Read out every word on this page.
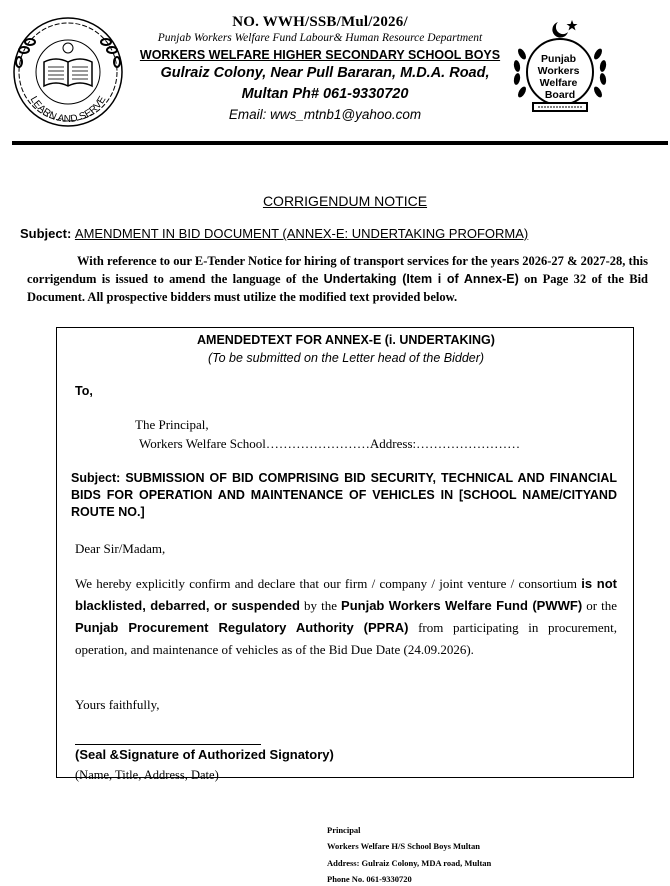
LEARN AND SERVE
NO. WWH/SSB/Mul/2026/
Punjab Workers Welfare Fund Labour& Human Resource Department
WORKERS WELFARE HIGHER SECONDARY SCHOOL BOYS
Gulraiz Colony, Near Pull Bararan, M.D.A. Road,
Multan Ph# 061-9330720
Email: wws_mtnb1@yahoo.com
Punjab Workers Welfare Board
CORRIGENDUM NOTICE
Subject: AMENDMENT IN BID DOCUMENT (ANNEX-E: UNDERTAKING PROFORMA)
With reference to our E-Tender Notice for hiring of transport services for the years 2026-27 & 2027-28, this corrigendum is issued to amend the language of the Undertaking (Item i of Annex-E) on Page 32 of the Bid Document. All prospective bidders must utilize the modified text provided below.
AMENDEDTEXT FOR ANNEX-E (i. UNDERTAKING)
(To be submitted on the Letter head of the Bidder)
To,
The Principal,
Workers Welfare School……………………Address:……………………
Subject: SUBMISSION OF BID COMPRISING BID SECURITY, TECHNICAL AND FINANCIAL BIDS FOR OPERATION AND MAINTENANCE OF VEHICLES IN [SCHOOL NAME/CITYAND ROUTE NO.]
Dear Sir/Madam,
We hereby explicitly confirm and declare that our firm / company / joint venture / consortium is not blacklisted, debarred, or suspended by the Punjab Workers Welfare Fund (PWWF) or the Punjab Procurement Regulatory Authority (PPRA) from participating in procurement, operation, and maintenance of vehicles as of the Bid Due Date (24.09.2026).
Yours faithfully,
(Seal &Signature of Authorized Signatory)
(Name, Title, Address, Date)
Principal
Workers Welfare H/S School Boys Multan
Address: Gulraiz Colony, MDA road, Multan
Phone No. 061-9330720
